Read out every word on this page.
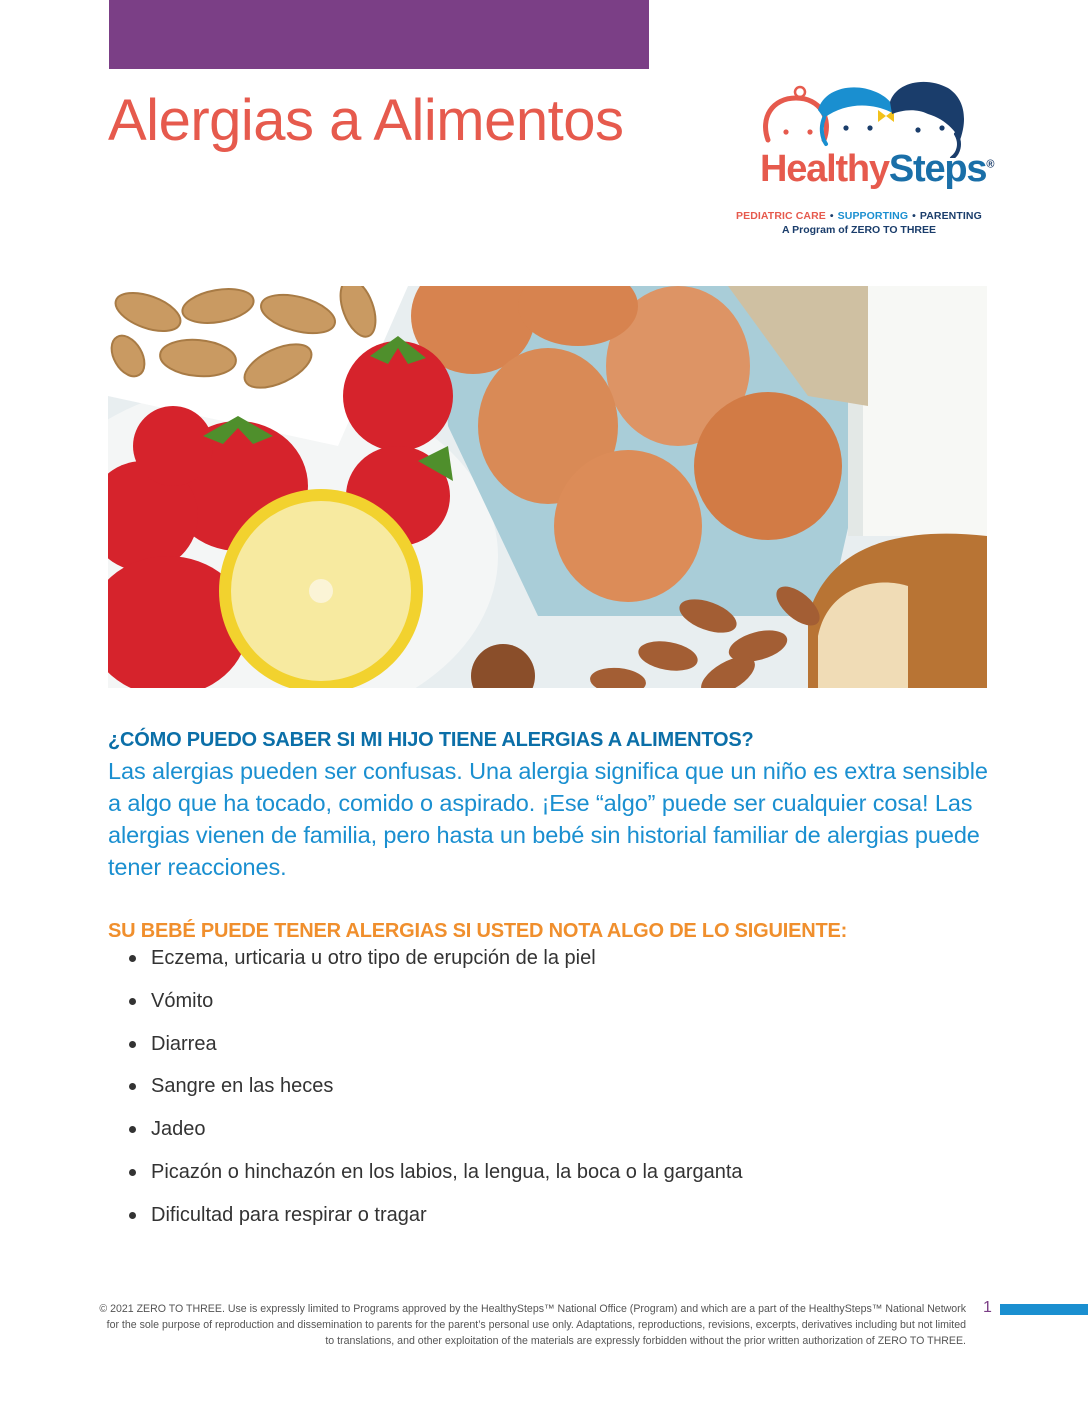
Alergias a Alimentos
HealthySteps®
PEDIATRIC CARE • SUPPORTING • PARENTING
A Program of ZERO TO THREE
¿CÓMO PUEDO SABER SI MI HIJO TIENE ALERGIAS A ALIMENTOS?

Las alergias pueden ser confusas. Una alergia significa que un niño es extra sensible a algo que ha tocado, comido o aspirado. ¡Ese “algo” puede ser cualquier cosa! Las alergias vienen de familia, pero hasta un bebé sin historial familiar de alergias puede tener reacciones.

SU BEBÉ PUEDE TENER ALERGIAS SI USTED NOTA ALGO DE LO SIGUIENTE:
Eczema, urticaria u otro tipo de erupción de la piel
Vómito
Diarrea
Sangre en las heces
Jadeo
Picazón o hinchazón en los labios, la lengua, la boca o la garganta
Dificultad para respirar o tragar

© 2021 ZERO TO THREE. Use is expressly limited to Programs approved by the HealthySteps™ National Office (Program) and which are a part of the HealthySteps™ National Network for the sole purpose of reproduction and dissemination to parents for the parent’s personal use only. Adaptations, reproductions, revisions, excerpts, derivatives including but not limited to translations, and other exploitation of the materials are expressly forbidden without the prior written authorization of ZERO TO THREE.

1
